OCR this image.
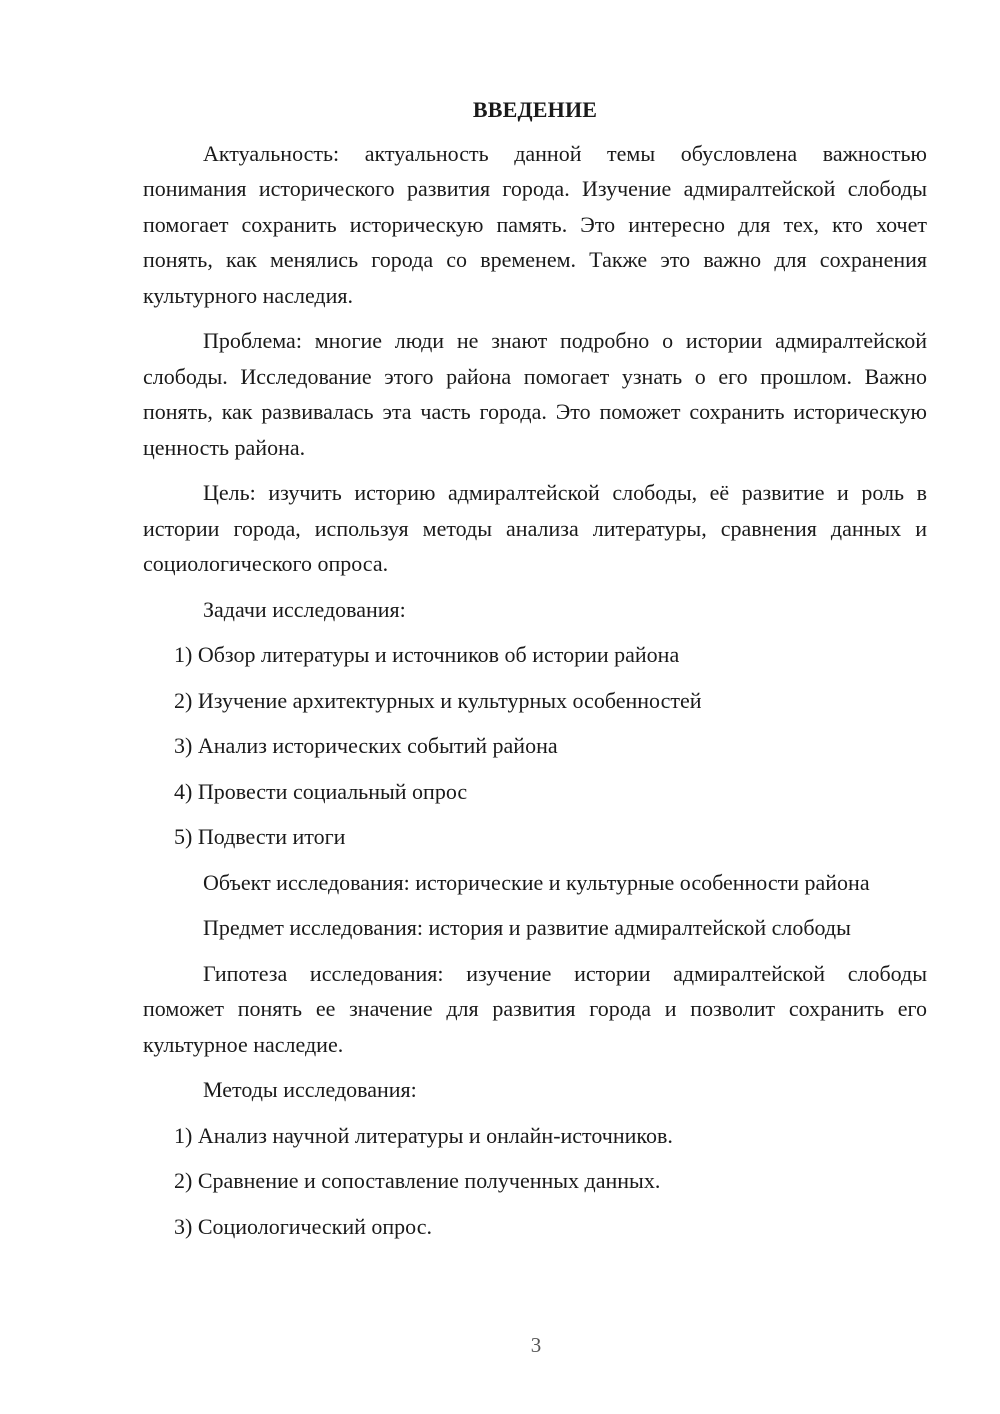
ВВЕДЕНИЕ

Актуальность: актуальность данной темы обусловлена важностью понимания исторического развития города. Изучение адмиралтейской слободы помогает сохранить историческую память. Это интересно для тех, кто хочет понять, как менялись города со временем. Также это важно для сохранения культурного наследия.

Проблема: многие люди не знают подробно о истории адмиралтейской слободы. Исследование этого района помогает узнать о его прошлом. Важно понять, как развивалась эта часть города. Это поможет сохранить историческую ценность района.

Цель: изучить историю адмиралтейской слободы, её развитие и роль в истории города, используя методы анализа литературы, сравнения данных и социологического опроса.

Задачи исследования:

1) Обзор литературы и источников об истории района
2) Изучение архитектурных и культурных особенностей
3) Анализ исторических событий района
4) Провести социальный опрос
5) Подвести итоги

Объект исследования: исторические и культурные особенности района

Предмет исследования: история и развитие адмиралтейской слободы

Гипотеза исследования: изучение истории адмиралтейской слободы поможет понять ее значение для развития города и позволит сохранить его культурное наследие.

Методы исследования:

1) Анализ научной литературы и онлайн-источников.
2) Сравнение и сопоставление полученных данных.
3) Социологический опрос.
3
